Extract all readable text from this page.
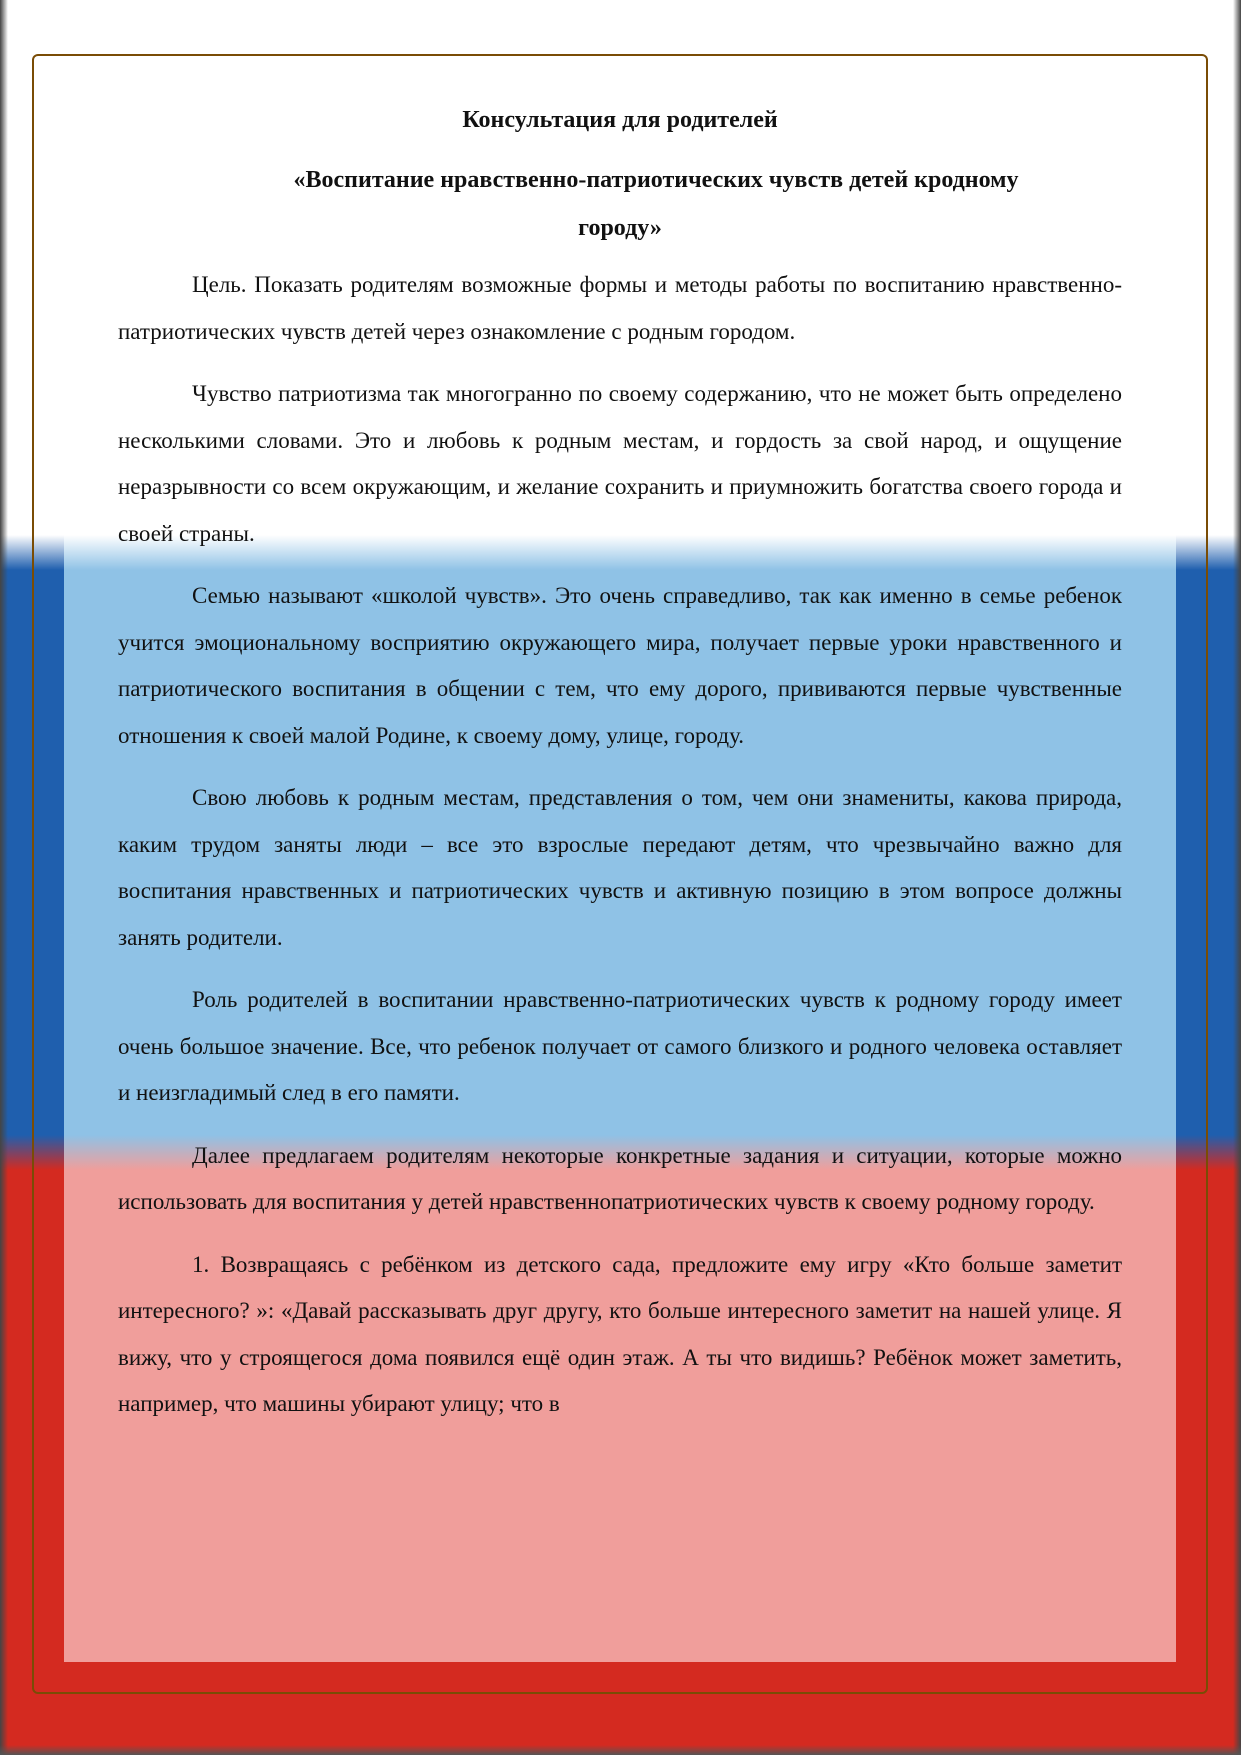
Консультация для родителей
«Воспитание нравственно-патриотических чувств детей кродному
городу»

Цель. Показать родителям возможные формы и методы работы по воспитанию нравственно-патриотических чувств детей через ознакомление с родным городом.

Чувство патриотизма так многогранно по своему содержанию, что не может быть определено несколькими словами. Это и любовь к родным местам, и гордость за свой народ, и ощущение неразрывности со всем окружающим, и желание сохранить и приумножить богатства своего города и своей страны.

Семью называют «школой чувств». Это очень справедливо, так как именно в семье ребенок учится эмоциональному восприятию окружающего мира, получает первые уроки нравственного и патриотического воспитания в общении с тем, что ему дорого, прививаются первые чувственные отношения к своей малой Родине, к своему дому, улице, городу.

Свою любовь к родным местам, представления о том, чем они знамениты, какова природа, каким трудом заняты люди – все это взрослые передают детям, что чрезвычайно важно для воспитания нравственных и патриотических чувств и активную позицию в этом вопросе должны занять родители.

Роль родителей в воспитании нравственно-патриотических чувств к родному городу имеет очень большое значение. Все, что ребенок получает от самого близкого и родного человека оставляет и неизгладимый след в его памяти.

Далее предлагаем родителям некоторые конкретные задания и ситуации, которые можно использовать для воспитания у детей нравственнопатриотических чувств к своему родному городу.

1. Возвращаясь с ребёнком из детского сада, предложите ему игру «Кто больше заметит интересного? »: «Давай рассказывать друг другу, кто больше интересного заметит на нашей улице. Я вижу, что у строящегося дома появился ещё один этаж. А ты что видишь? Ребёнок может заметить, например, что машины убирают улицу; что в
